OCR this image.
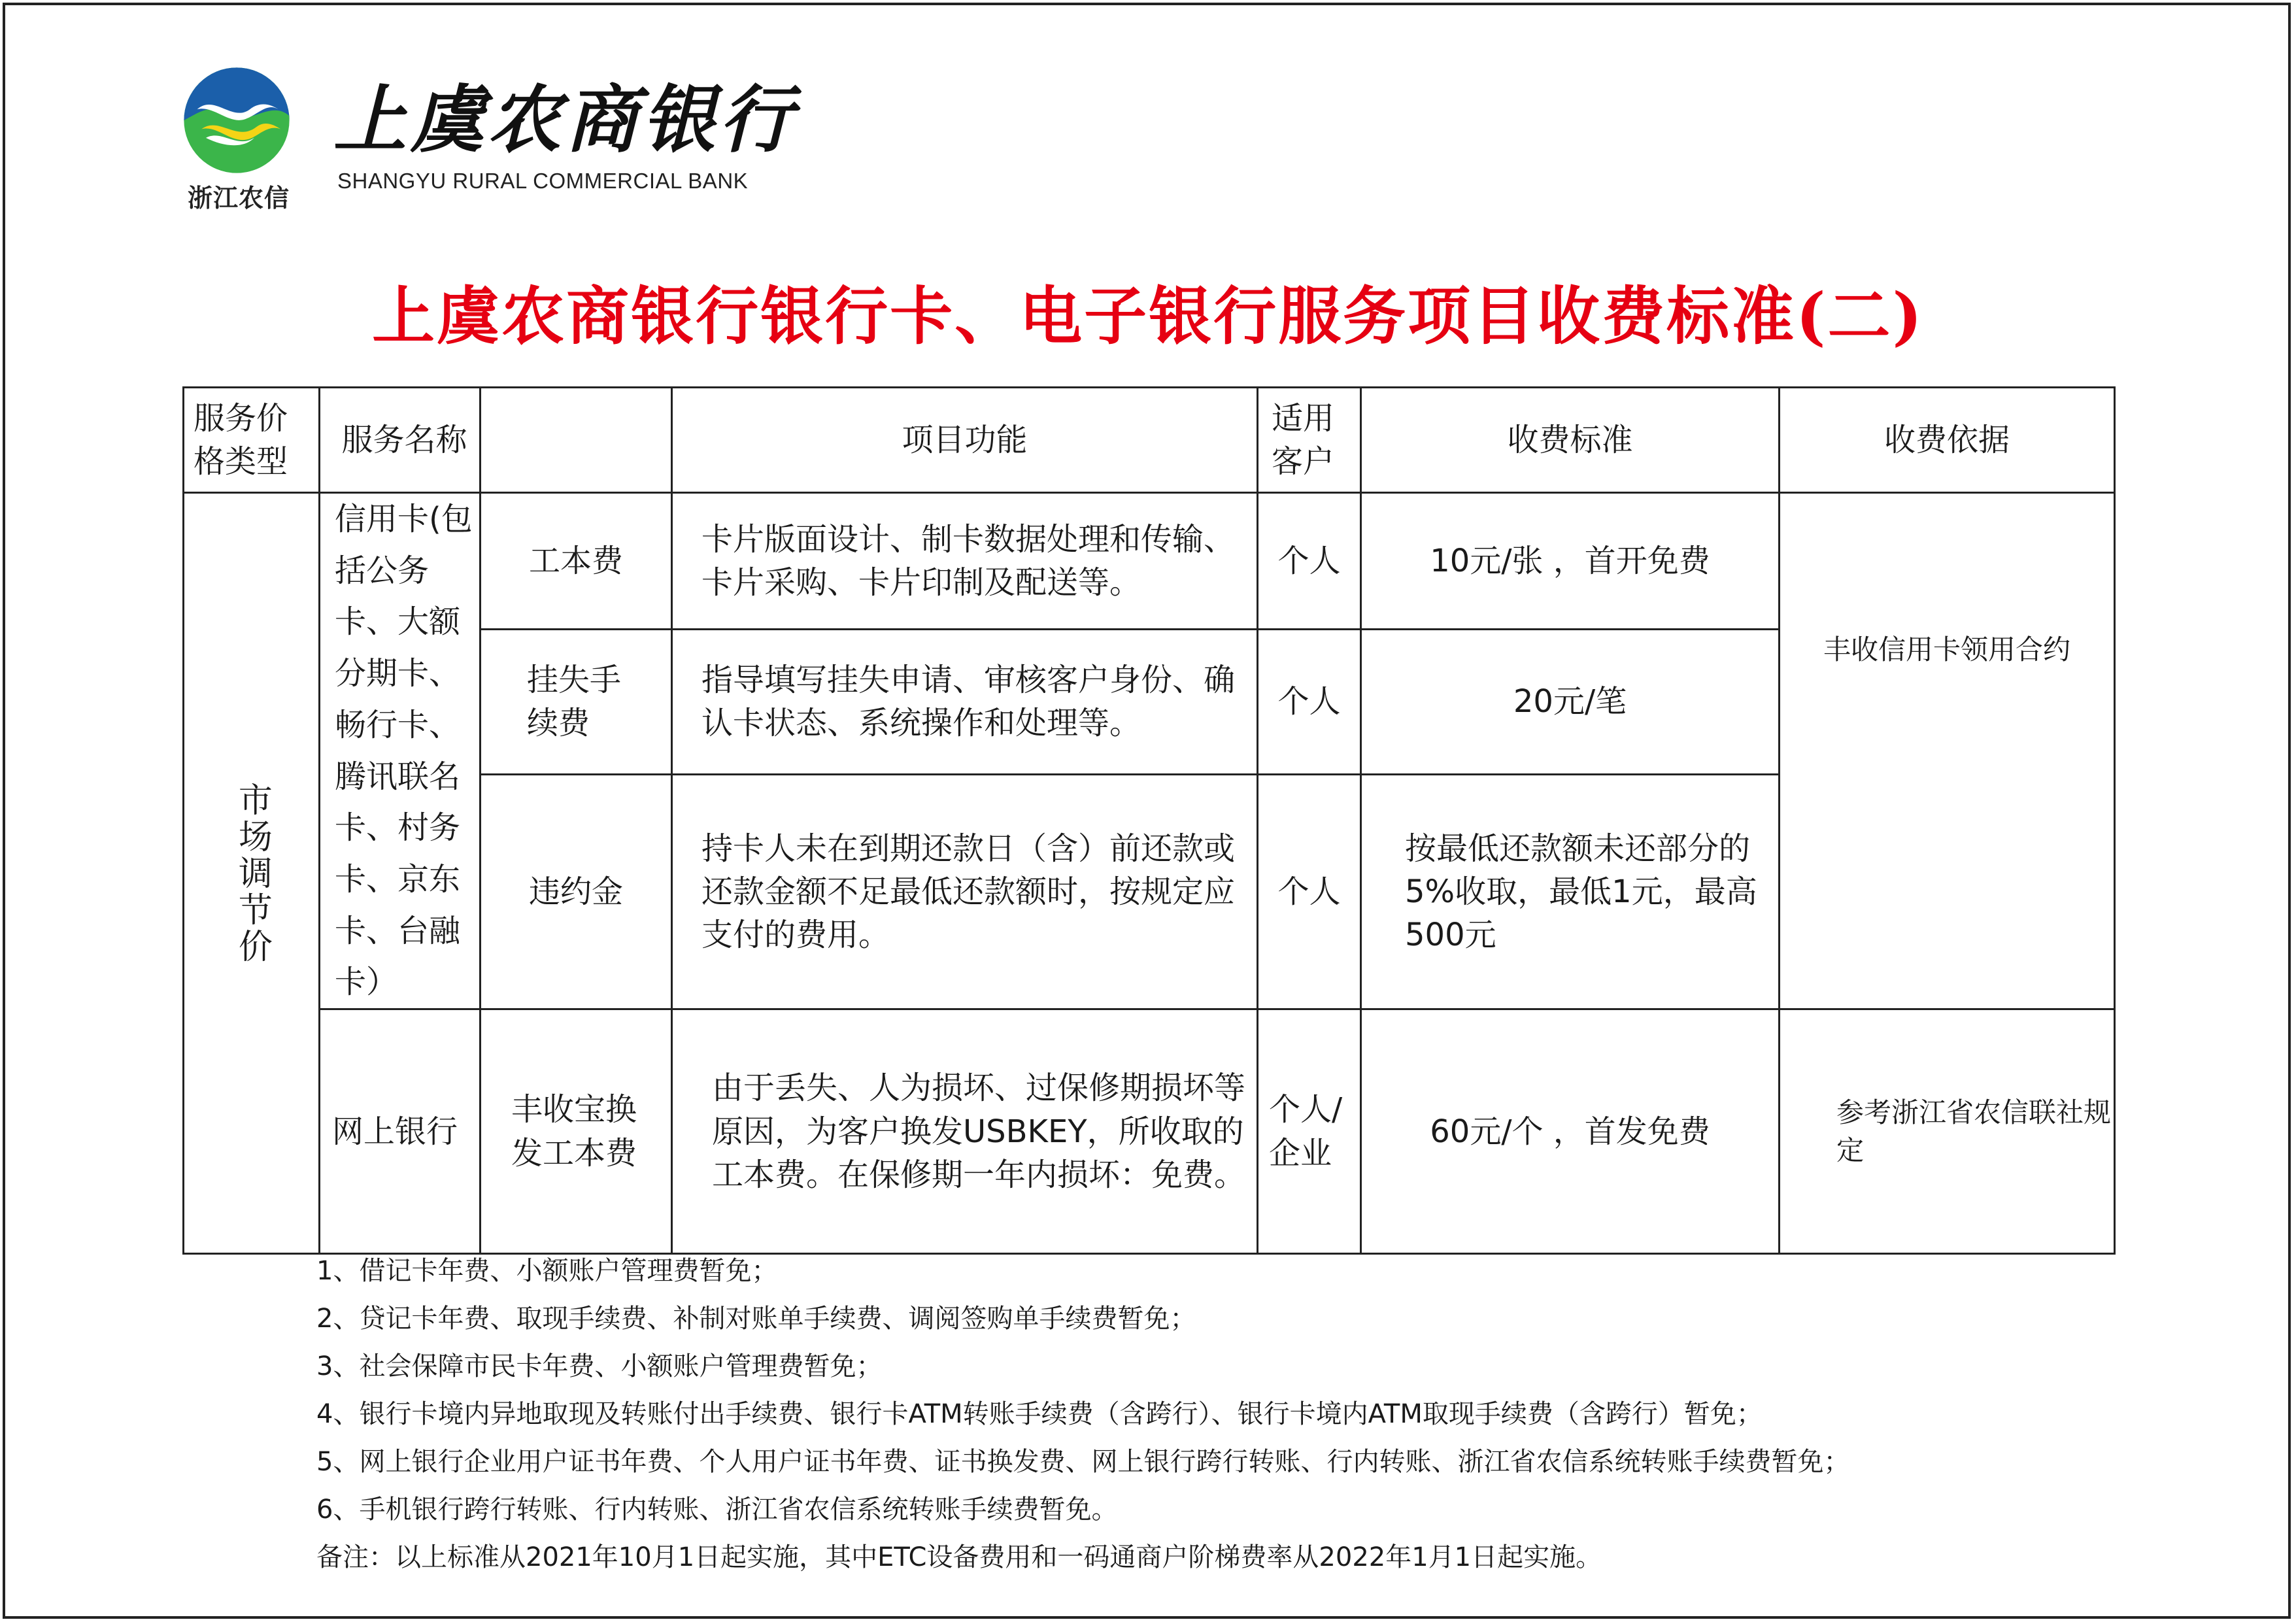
浙江农信
上虞农商银行
SHANGYU RURAL COMMERCIAL BANK
上虞农商银行银行卡、电子银行服务项目收费标准(二)
服务价格类型	服务名称		项目功能	适用客户	收费标准	收费依据

市场调节价	信用卡(包括公务卡、大额分期卡、畅行卡、腾讯联名卡、村务卡、京东卡、台融卡）	工本费	卡片版面设计、制卡数据处理和传输、卡片采购、卡片印制及配送等。	个人	10元/张 ，首开免费	丰收信用卡领用合约

		挂失手续费	指导填写挂失申请、审核客户身份、确认卡状态、系统操作和处理等。	个人	20元/笔	
		违约金	持卡人未在到期还款日（含）前还款或还款金额不足最低还款额时，按规定应支付的费用。	个人	按最低还款额未还部分的5%收取，最低1元，最高500元	
	网上银行	丰收宝换发工本费	由于丢失、人为损坏、过保修期损坏等原因，为客户换发USBKEY，所收取的工本费。在保修期一年内损坏：免费。	个人/企业	60元/个 ，首发免费	参考浙江省农信联社规定
1、借记卡年费、小额账户管理费暂免；
2、贷记卡年费、取现手续费、补制对账单手续费、调阅签购单手续费暂免；
3、社会保障市民卡年费、小额账户管理费暂免；
4、银行卡境内异地取现及转账付出手续费、银行卡ATM转账手续费（含跨行）、银行卡境内ATM取现手续费（含跨行）暂免；
5、网上银行企业用户证书年费、个人用户证书年费、证书换发费、网上银行跨行转账、行内转账、浙江省农信系统转账手续费暂免；
6、手机银行跨行转账、行内转账、浙江省农信系统转账手续费暂免。
备注：以上标准从2021年10月1日起实施，其中ETC设备费用和一码通商户阶梯费率从2022年1月1日起实施。
